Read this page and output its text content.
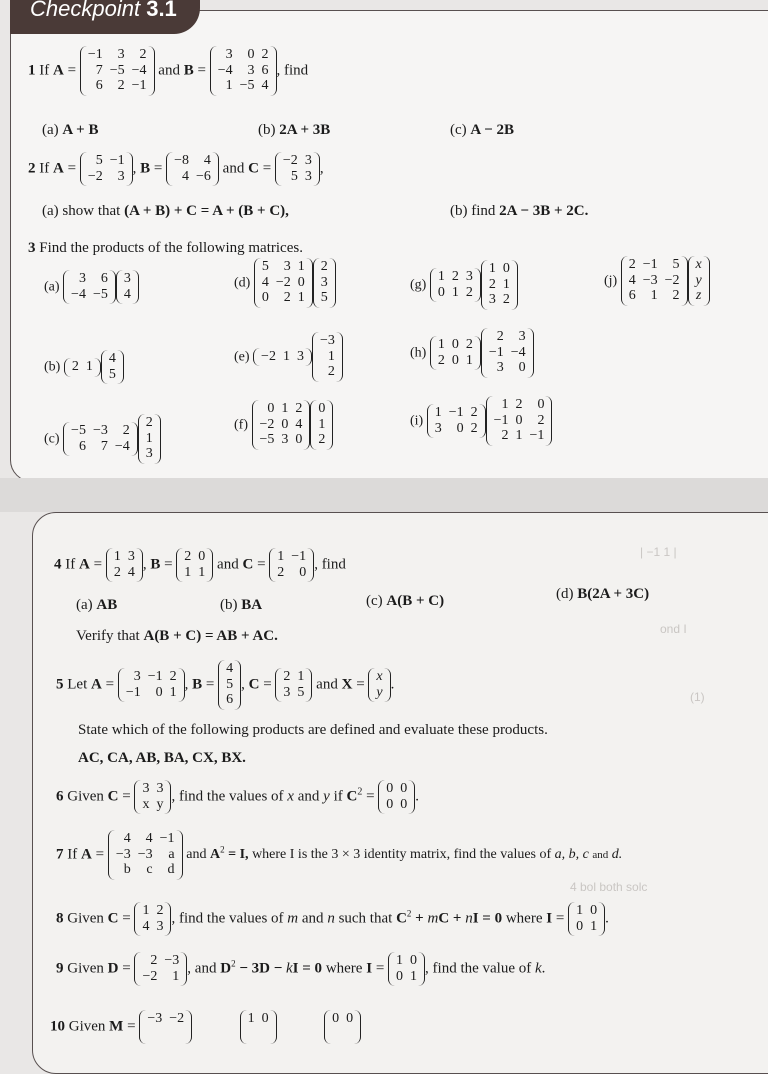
Checkpoint 3.1
| −1 1 |
ond I
(1)
4 bol both solc
1 If A =
−1	3	2
7 −5 −4
6	2 −1
and B =
3	0 2
−4	3 6
1 −5 4
, find
(a) A + B	(b) 2A + 3B	(c) A − 2B
2 If A =
5 −1
−2	3 , B =
−8	4
4 −6 and C =
−2 3
5 3 ,
(a) show that (A + B) + C = A + (B + C),	(b) find 2A − 3B + 2C.
3 Find the products of the following matrices.
(a)
3	6
−4 −5
3
4
(b) 2 1
4
5
(c)
−5 −3	2
6	7 −4
2
1
3
(d)
5	3 1
4 −2 0
0	2 1
2
3
5
(e) −2 1 3
−3
1
2
(f)
0 1 2
−2 0 4
−5 3 0
0
1
2
(g)
1 2 3
0 1 2
1 0
2 1
3 2
(h)
1 0 2
2 0 1
2	3
−1 −4
3	0
(i)
1 −1 2
3	0 2
1 2	0
−1 0	2
2 1 −1
(j)
2 −1	5
4 −3 −2
6	1	2
x
y
z
4 If A =
1 3
2 4 , B =
2 0
1 1 and C =
1 −1
2	0 , find
(a) AB	(b) BA	(c) A(B + C)	(d) B(2A + 3C)
Verify that A(B + C) = AB + AC.
5 Let A =
3 −1 2
−1	0 1 , B =
4
5
6
, C =
2 1
3 5 and X =
x
y .
State which of the following products are defined and evaluate these products.
AC, CA, AB, BA, CX, BX.
6 Given C =
3 3
x y , find the values of x and y if $C^2$ =
0 0
0 0 .
7 If A =
4	4 −1
−3 −3	a
b	c	d
and $A^2 = I$, where I is the 3 × 3 identity matrix, find the values of a, b, c and d.
8 Given C =
1 2
4 3 , find the values of m and n such that $C^2$ + mC + nI = 0 where I =
1 0
0 1 .
9 Given D =
2 −3
−2	1 , and $D^2 - 3D$ − kI = 0 where I =
1 0
0 1 , find the value of k.
10 Given M =
−3 −2

	1 0

	0 0
